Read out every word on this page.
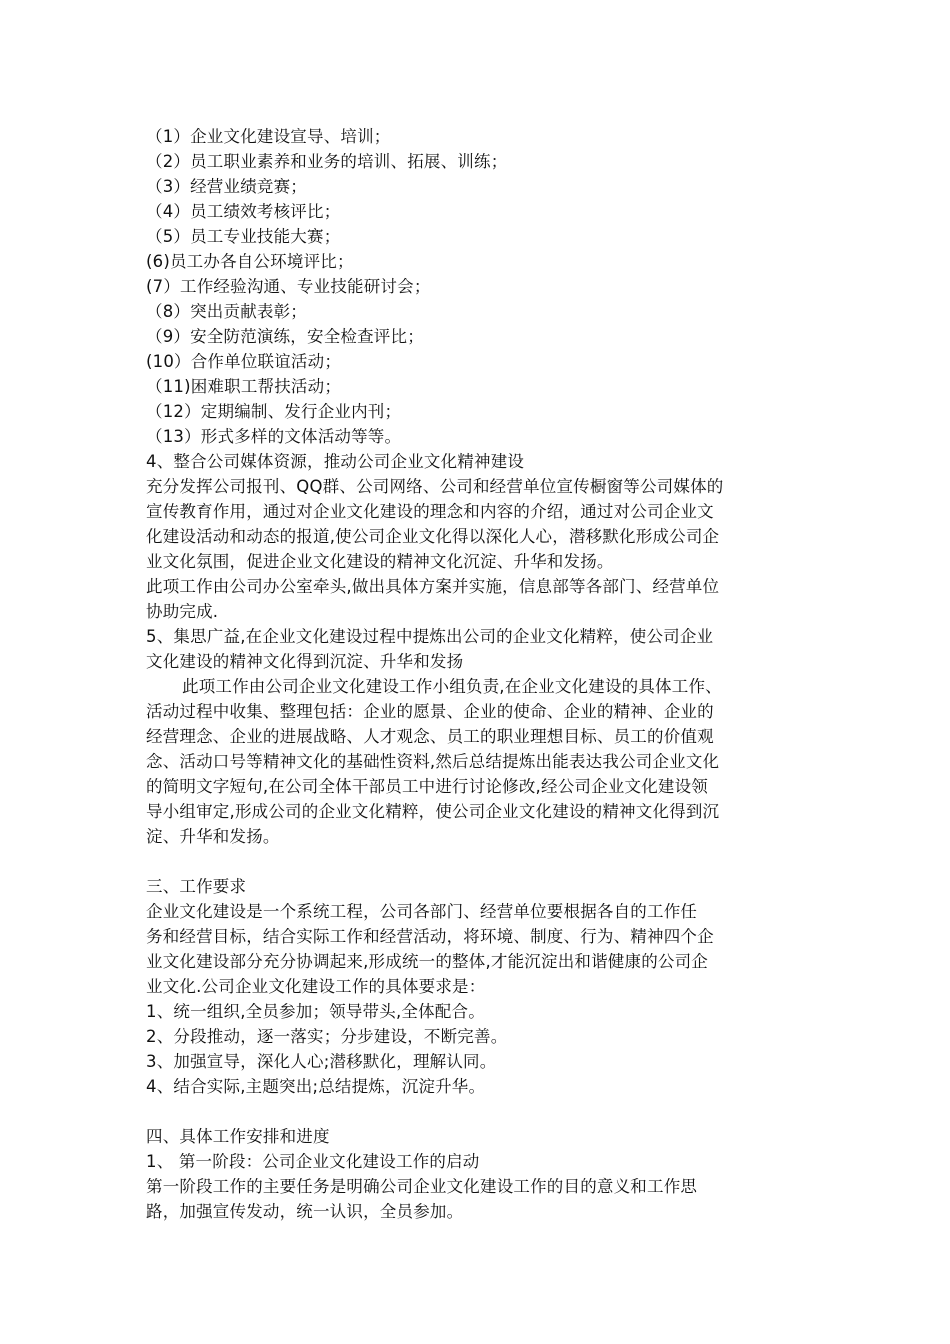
（1）企业文化建设宣导、培训；
（2）员工职业素养和业务的培训、拓展、训练；
（3）经营业绩竞赛；
（4）员工绩效考核评比；
（5）员工专业技能大赛；
(6)员工办各自公环境评比；
(7）工作经验沟通、专业技能研讨会；
（8）突出贡献表彰；
（9）安全防范演练，安全检查评比；
(10）合作单位联谊活动；
（11)困难职工帮扶活动；
（12）定期编制、发行企业内刊；
（13）形式多样的文体活动等等。
4、整合公司媒体资源，推动公司企业文化精神建设
充分发挥公司报刊、QQ群、公司网络、公司和经营单位宣传橱窗等公司媒体的
宣传教育作用，通过对企业文化建设的理念和内容的介绍，通过对公司企业文
化建设活动和动态的报道,使公司企业文化得以深化人心，潜移默化形成公司企
业文化氛围，促进企业文化建设的精神文化沉淀、升华和发扬。
此项工作由公司办公室牵头,做出具体方案并实施，信息部等各部门、经营单位
协助完成.
5、集思广益,在企业文化建设过程中提炼出公司的企业文化精粹，使公司企业
文化建设的精神文化得到沉淀、升华和发扬
此项工作由公司企业文化建设工作小组负责,在企业文化建设的具体工作、
活动过程中收集、整理包括：企业的愿景、企业的使命、企业的精神、企业的
经营理念、企业的进展战略、人才观念、员工的职业理想目标、员工的价值观
念、活动口号等精神文化的基础性资料,然后总结提炼出能表达我公司企业文化
的简明文字短句,在公司全体干部员工中进行讨论修改,经公司企业文化建设领
导小组审定,形成公司的企业文化精粹，使公司企业文化建设的精神文化得到沉
淀、升华和发扬。
三、工作要求
企业文化建设是一个系统工程，公司各部门、经营单位要根据各自的工作任
务和经营目标，结合实际工作和经营活动，将环境、制度、行为、精神四个企
业文化建设部分充分协调起来,形成统一的整体,才能沉淀出和谐健康的公司企
业文化.公司企业文化建设工作的具体要求是：
1、统一组织,全员参加；领导带头,全体配合。
2、分段推动，逐一落实；分步建设，不断完善。
3、加强宣导，深化人心;潜移默化，理解认同。
4、结合实际,主题突出;总结提炼，沉淀升华。
四、具体工作安排和进度
1、 第一阶段：公司企业文化建设工作的启动
第一阶段工作的主要任务是明确公司企业文化建设工作的目的意义和工作思
路，加强宣传发动，统一认识，全员参加。
